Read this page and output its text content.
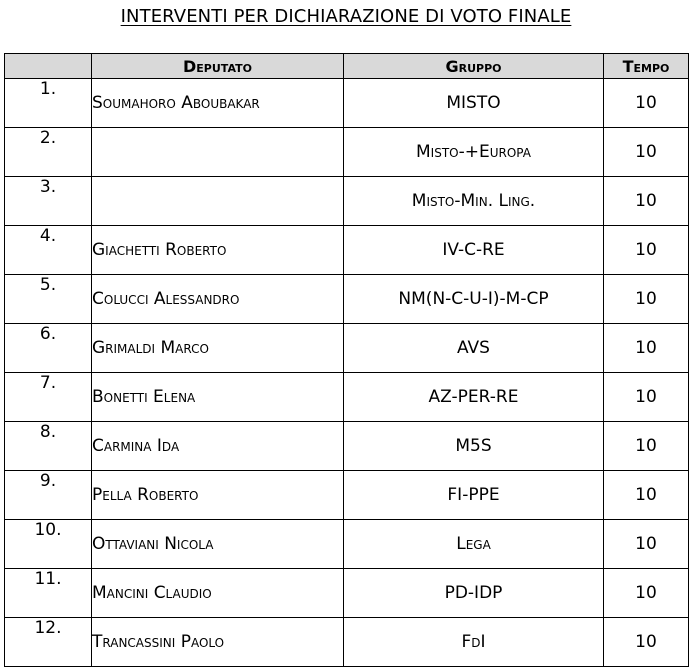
INTERVENTI PER DICHIARAZIONE DI VOTO FINALE
	Deputato	Gruppo	Tempo
1.	Soumahoro Aboubakar	MISTO	10
2.		Misto-+Europa	10
3.		Misto-Min. Ling.	10
4.	Giachetti Roberto	IV-C-RE	10
5.	Colucci Alessandro	NM(N-C-U-I)-M-CP	10
6.	Grimaldi Marco	AVS	10
7.	Bonetti Elena	AZ-PER-RE	10
8.	Carmina Ida	M5S	10
9.	Pella Roberto	FI-PPE	10
10.	Ottaviani Nicola	Lega	10
11.	Mancini Claudio	PD-IDP	10
12.	Trancassini Paolo	FdI	10
